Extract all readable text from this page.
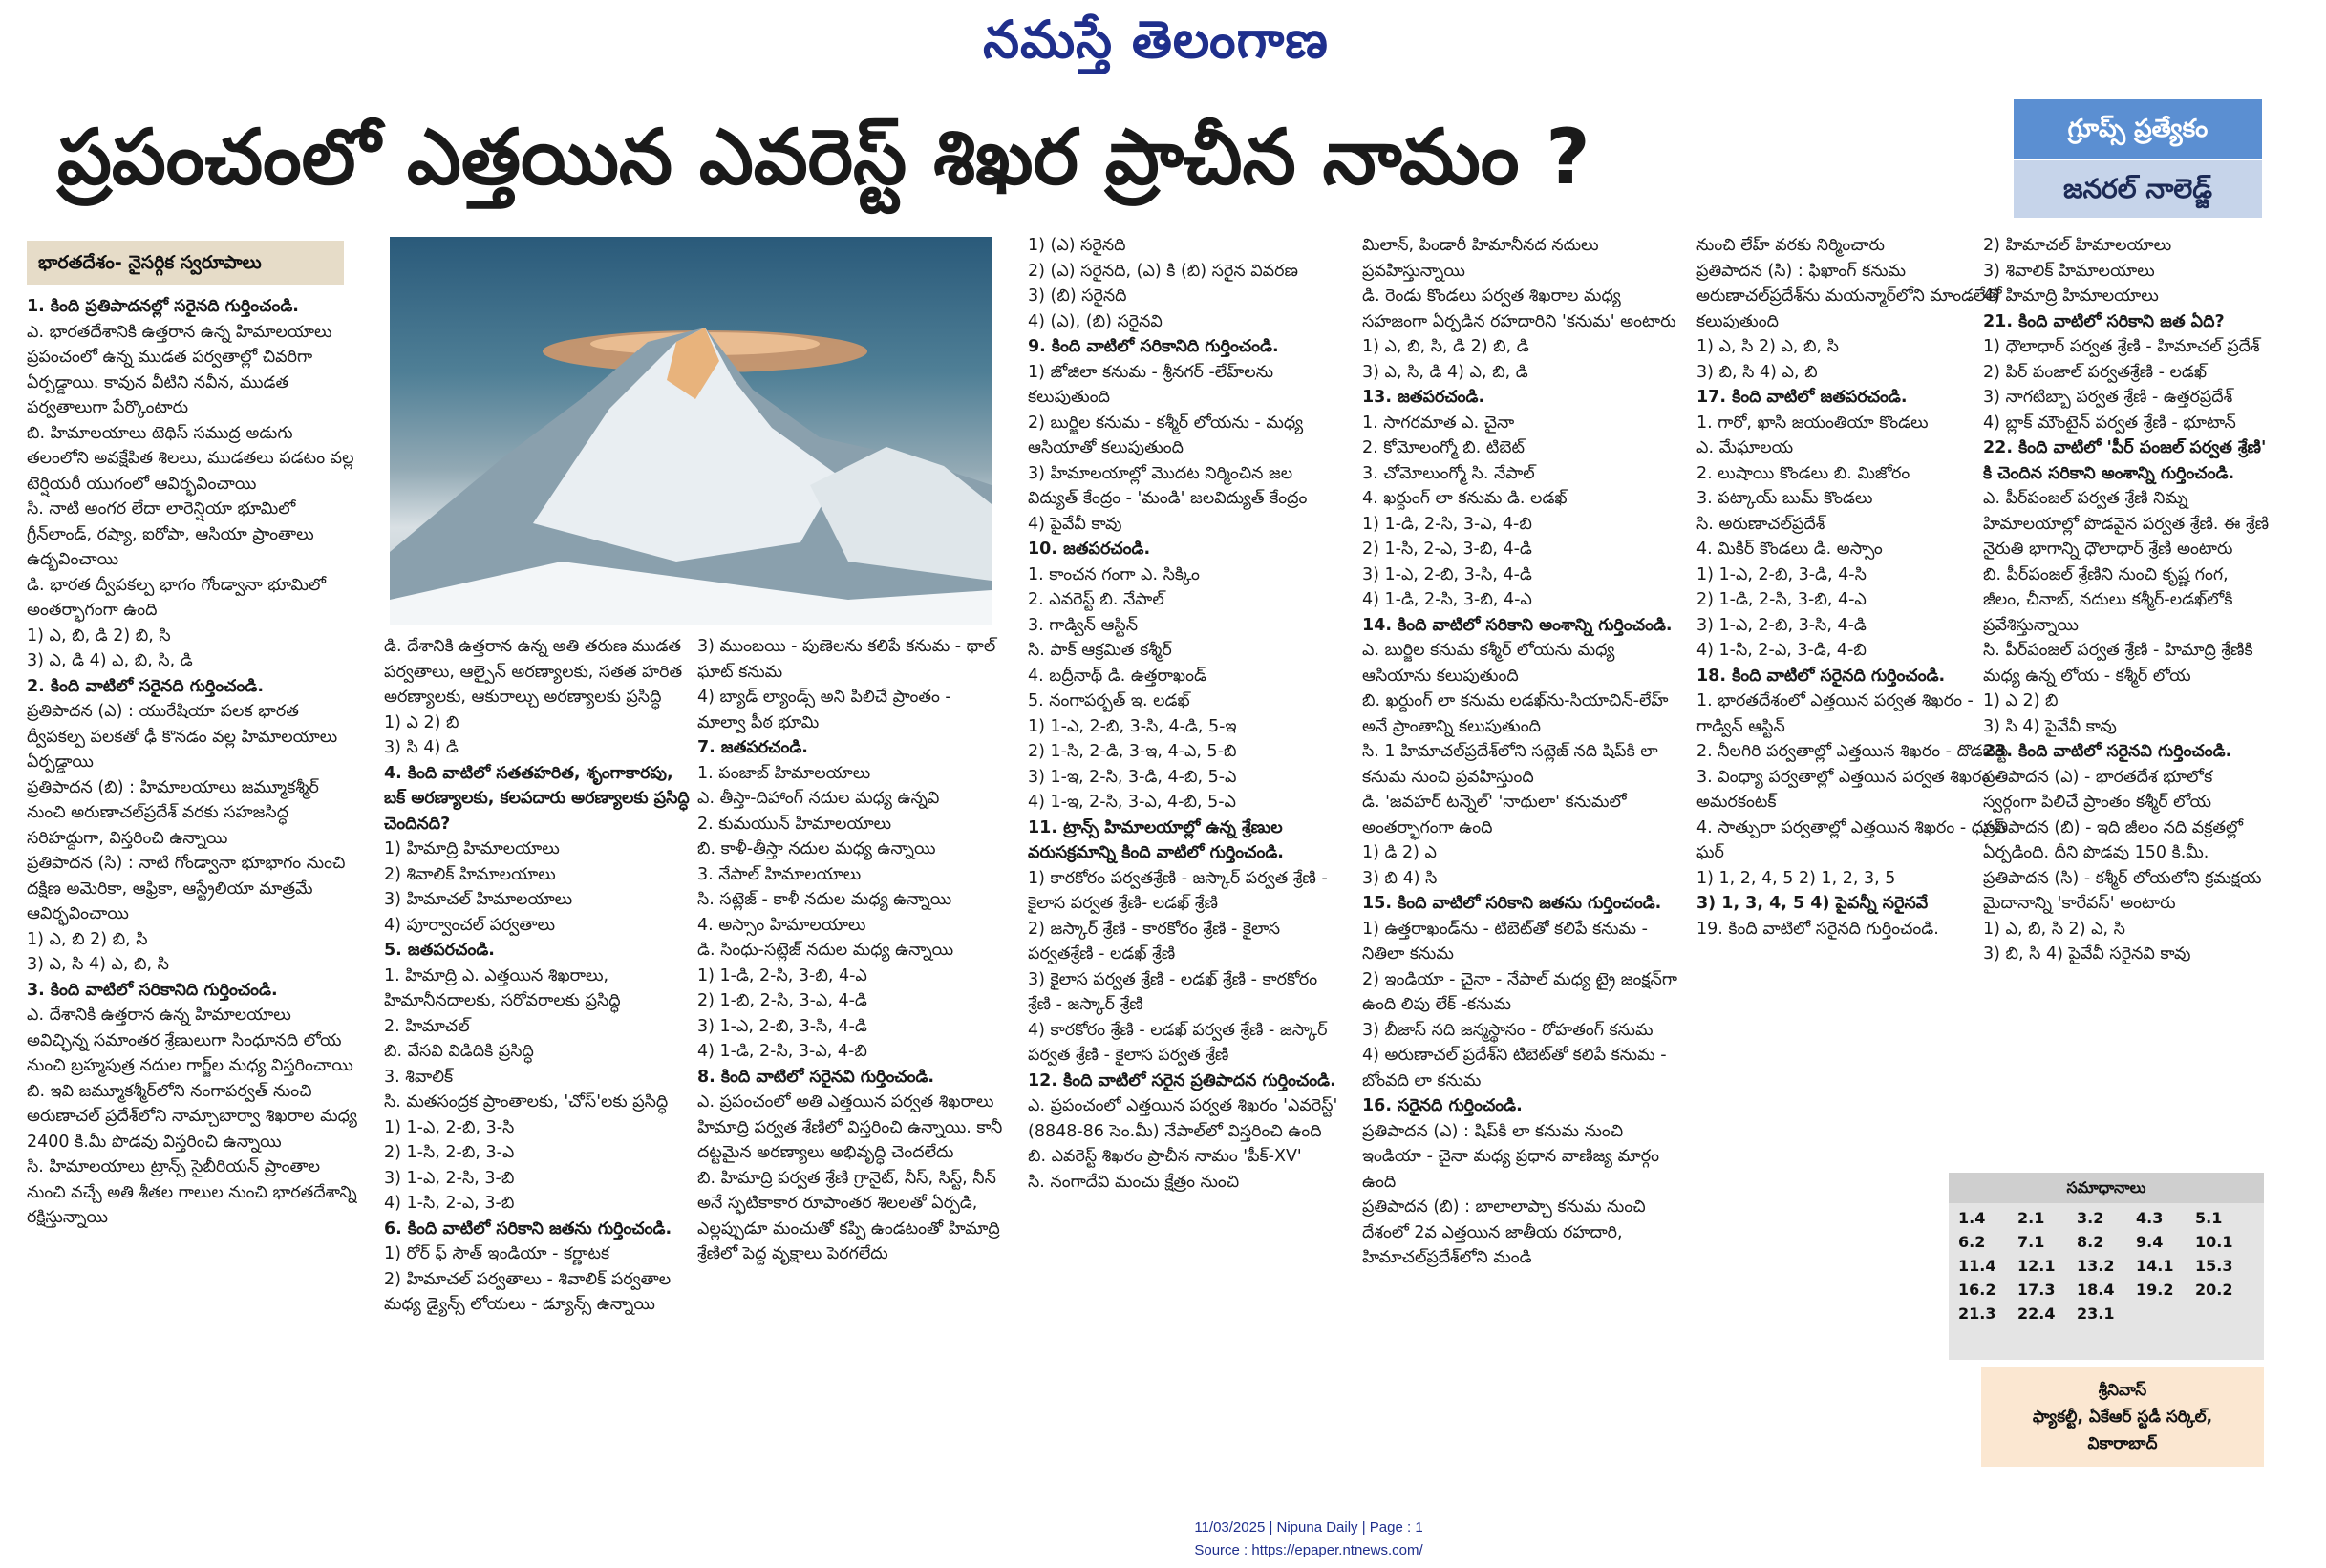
నమస్తే తెలంగాణ
ప్రపంచంలో ఎత్తయిన ఎవరెస్ట్ శిఖర ప్రాచీన నామం ?	గ్రూప్స్ ప్రత్యేకం
జనరల్ నాలెడ్జ్
భారతదేశం- నైసర్గిక స్వరూపాలు

1. కింది ప్రతిపాదనల్లో సరైనది గుర్తించండి.

ఎ. భారతదేశానికి ఉత్తరాన ఉన్న హిమాలయాలు ప్రపంచంలో ఉన్న ముడత పర్వతాల్లో చివరిగా ఏర్పడ్డాయి. కావున వీటిని నవీన, ముడత పర్వతాలుగా పేర్కొంటారు

బి. హిమాలయాలు టెథిస్ సముద్ర అడుగు తలంలోని అవక్షేపిత శిలలు, ముడతలు పడటం వల్ల టెర్షియరీ యుగంలో ఆవిర్భవించాయి

సి. నాటి అంగర లేదా లారెన్షియా భూమిలో గ్రీన్‌లాండ్, రష్యా, ఐరోపా, ఆసియా ప్రాంతాలు ఉద్భవించాయి

డి. భారత ద్వీపకల్ప భాగం గోండ్వానా భూమిలో అంతర్భాగంగా ఉంది

1) ఎ, బి, డి 2) బి, సి

3) ఎ, డి 4) ఎ, బి, సి, డి

2. కింది వాటిలో సరైనది గుర్తించండి.

ప్రతిపాదన (ఎ) : యురేషియా పలక భారత ద్వీపకల్ప పలకతో ఢీ కొనడం వల్ల హిమాలయాలు ఏర్పడ్డాయి

ప్రతిపాదన (బి) : హిమాలయాలు జమ్మూకశ్మీర్ నుంచి అరుణాచల్‌ప్రదేశ్ వరకు సహజసిద్ధ సరిహద్దుగా, విస్తరించి ఉన్నాయి

ప్రతిపాదన (సి) : నాటి గోండ్వానా భూభాగం నుంచి దక్షిణ అమెరికా, ఆఫ్రికా, ఆస్ట్రేలియా మాత్రమే ఆవిర్భవించాయి

1) ఎ, బి 2) బి, సి

3) ఎ, సి 4) ఎ, బి, సి

3. కింది వాటిలో సరికానిది గుర్తించండి.

ఎ. దేశానికి ఉత్తరాన ఉన్న హిమాలయాలు అవిచ్ఛిన్న సమాంతర శ్రేణులుగా సింధూనది లోయ నుంచి బ్రహ్మపుత్ర నదుల గార్జ్‌ల మధ్య విస్తరించాయి

బి. ఇవి జమ్మూకశ్మీర్‌లోని నంగాపర్వత్ నుంచి అరుణాచల్ ప్రదేశ్‌లోని నామ్చాబార్వా శిఖరాల మధ్య 2400 కి.మీ పొడవు విస్తరించి ఉన్నాయి

సి. హిమాలయాలు ట్రాన్స్ సైబీరియన్ ప్రాంతాల నుంచి వచ్చే అతి శీతల గాలుల నుంచి భారతదేశాన్ని రక్షిస్తున్నాయి

డి. దేశానికి ఉత్తరాన ఉన్న అతి తరుణ ముడత పర్వతాలు, ఆల్పైన్ అరణ్యాలకు, సతత హరిత అరణ్యాలకు, ఆకురాల్చు అరణ్యాలకు ప్రసిద్ధి

1) ఎ 2) బి

3) సి 4) డి

4. కింది వాటిలో సతతహరిత, శృంగాకారపు, బక్ అరణ్యాలకు, కలపదారు అరణ్యాలకు ప్రసిద్ధి చెందినది?

1) హిమాద్రి హిమాలయాలు

2) శివాలిక్ హిమాలయాలు

3) హిమాచల్ హిమాలయాలు

4) పూర్వాంచల్ పర్వతాలు

5. జతపరచండి.

1. హిమాద్రి ఎ. ఎత్తయిన శిఖరాలు, హిమానీనదాలకు, సరోవరాలకు ప్రసిద్ధి

2. హిమాచల్

బి. వేసవి విడిదికి ప్రసిద్ధి

3. శివాలిక్

సి. మతసంద్రక ప్రాంతాలకు, 'చోస్'లకు ప్రసిద్ధి

1) 1-ఎ, 2-బి, 3-సి

2) 1-సి, 2-బి, 3-ఎ

3) 1-ఎ, 2-సి, 3-బి

4) 1-సి, 2-ఎ, 3-బి

6. కింది వాటిలో సరికాని జతను గుర్తించండి.

1) రోర్ ఫ్ సౌత్ ఇండియా - కర్ణాటక

2) హిమాచల్ పర్వతాలు - శివాలిక్ పర్వతాల మధ్య డ్యైన్స్ లోయలు - డ్యూన్స్ ఉన్నాయి

3) ముంబయి - పుణెలను కలిపే కనుమ - థాల్ ఘాట్ కనుమ

4) బ్యాడ్ ల్యాండ్స్ అని పిలిచే ప్రాంతం - మాల్వా పీఠ భూమి

7. జతపరచండి.

1. పంజాబ్ హిమాలయాలు

ఎ. తీస్తా-దిహాంగ్ నదుల మధ్య ఉన్నవి

2. కుమయున్ హిమాలయాలు

బి. కాళీ-తీస్తా నదుల మధ్య ఉన్నాయి

3. నేపాల్ హిమాలయాలు

సి. సట్లెజ్ - కాళీ నదుల మధ్య ఉన్నాయి

4. అస్సాం హిమాలయాలు

డి. సింధు-సట్లెజ్ నదుల మధ్య ఉన్నాయి

1) 1-డి, 2-సి, 3-బి, 4-ఎ

2) 1-బి, 2-సి, 3-ఎ, 4-డి

3) 1-ఎ, 2-బి, 3-సి, 4-డి

4) 1-డి, 2-సి, 3-ఎ, 4-బి

8. కింది వాటిలో సరైనవి గుర్తించండి.

ఎ. ప్రపంచంలో అతి ఎత్తయిన పర్వత శిఖరాలు హిమాద్రి పర్వత శేణిలో విస్తరించి ఉన్నాయి. కానీ దట్టమైన అరణ్యాలు అభివృద్ధి చెందలేదు

బి. హిమాద్రి పర్వత శ్రేణి గ్రానైట్, నీస్, సిస్ట్, నీన్ అనే స్ఫటికాకార రూపాంతర శిలలతో ఏర్పడి, ఎల్లప్పుడూ మంచుతో కప్పి ఉండటంతో హిమాద్రి శ్రేణిలో పెద్ద వృక్షాలు పెరగలేదు

1) (ఎ) సరైనది

2) (ఎ) సరైనది, (ఎ) కి (బి) సరైన వివరణ

3) (బి) సరైనది

4) (ఎ), (బి) సరైనవి

9. కింది వాటిలో సరికానిది గుర్తించండి.

1) జోజిలా కనుమ - శ్రీనగర్ -లేహ్‌లను కలుపుతుంది

2) బుర్జిల కనుమ - కశ్మీర్ లోయను - మధ్య ఆసియాతో కలుపుతుంది

3) హిమాలయాల్లో మొదట నిర్మించిన జల విద్యుత్ కేంద్రం - 'మండి' జలవిద్యుత్ కేంద్రం

4) పైవేవీ కావు

10. జతపరచండి.

1. కాంచన గంగా ఎ. సిక్కిం

2. ఎవరెస్ట్ బి. నేపాల్

3. గాడ్విన్ ఆస్టిన్

సి. పాక్ ఆక్రమిత కశ్మీర్

4. బద్రీనాథ్ డి. ఉత్తరాఖండ్

5. నంగాపర్బత్ ఇ. లడఖ్

1) 1-ఎ, 2-బి, 3-సి, 4-డి, 5-ఇ

2) 1-సి, 2-డి, 3-ఇ, 4-ఎ, 5-బి

3) 1-ఇ, 2-సి, 3-డి, 4-బి, 5-ఎ

4) 1-ఇ, 2-సి, 3-ఎ, 4-బి, 5-ఎ

11. ట్రాన్స్ హిమాలయాల్లో ఉన్న శ్రేణుల వరుసక్రమాన్ని కింది వాటిలో గుర్తించండి.

1) కారకోరం పర్వతశ్రేణి - జస్కార్ పర్వత శ్రేణి - కైలాస పర్వత శ్రేణి- లడఖ్ శ్రేణి

2) జస్కార్ శ్రేణి - కారకోరం శ్రేణి - కైలాస పర్వతశ్రేణి - లడఖ్ శ్రేణి

3) కైలాస పర్వత శ్రేణి - లడఖ్ శ్రేణి - కారకోరం శ్రేణి - జస్కార్ శ్రేణి

4) కారకోరం శ్రేణి - లడఖ్ పర్వత శ్రేణి - జస్కార్ పర్వత శ్రేణి - కైలాస పర్వత శ్రేణి

12. కింది వాటిలో సరైన ప్రతిపాదన గుర్తించండి.

ఎ. ప్రపంచంలో ఎత్తయిన పర్వత శిఖరం 'ఎవరెస్ట్' (8848-86 సెం.మీ) నేపాల్‌లో విస్తరించి ఉంది

బి. ఎవరెస్ట్ శిఖరం ప్రాచీన నామం 'పీక్-XV'

సి. నంగాదేవి మంచు క్షేత్రం నుంచి

మిలాన్, పిండారీ హిమానీనద నదులు ప్రవహిస్తున్నాయి

డి. రెండు కొండలు పర్వత శిఖరాల మధ్య సహజంగా ఏర్పడిన రహదారిని 'కనుమ' అంటారు

1) ఎ, బి, సి, డి 2) బి, డి

3) ఎ, సి, డి 4) ఎ, బి, డి

13. జతపరచండి.

1. సాగరమాత ఎ. చైనా

2. కోమోలంగ్మో బి. టిబెట్

3. చోమోలుంగ్మో సి. నేపాల్

4. ఖర్దుంగ్ లా కనుమ డి. లడఖ్

1) 1-డి, 2-సి, 3-ఎ, 4-బి

2) 1-సి, 2-ఎ, 3-బి, 4-డి

3) 1-ఎ, 2-బి, 3-సి, 4-డి

4) 1-డి, 2-సి, 3-బి, 4-ఎ

14. కింది వాటిలో సరికాని అంశాన్ని గుర్తించండి.

ఎ. బుర్జిల కనుమ కశ్మీర్ లోయను మధ్య ఆసియాను కలుపుతుంది

బి. ఖర్దుంగ్ లా కనుమ లడఖ్‌ను-సియాచిన్-లేహ్ అనే ప్రాంతాన్ని కలుపుతుంది

సి. 1 హిమాచల్‌ప్రదేశ్‌లోని సట్లెజ్ నది షిప్‌కి లా కనుమ నుంచి ప్రవహిస్తుంది

డి. 'జవహర్ టన్నెల్' 'నాథులా' కనుమలో అంతర్భాగంగా ఉంది

1) డి 2) ఎ

3) బి 4) సి

15. కింది వాటిలో సరికాని జతను గుర్తించండి.

1) ఉత్తరాఖండ్‌ను - టిబెట్‌తో కలిపే కనుమ - నితిలా కనుమ

2) ఇండియా - చైనా - నేపాల్ మధ్య ట్రై జంక్షన్‌గా ఉంది లిపు లేక్ -కనుమ

3) బీజాస్ నది జన్మస్థానం - రోహతంగ్ కనుమ

4) అరుణాచల్ ప్రదేశ్‌ని టిబెట్‌తో కలిపే కనుమ - బోంవది లా కనుమ

16. సరైనది గుర్తించండి.

ప్రతిపాదన (ఎ) : షిప్‌కి లా కనుమ నుంచి ఇండియా - చైనా మధ్య ప్రధాన వాణిజ్య మార్గం ఉంది

ప్రతిపాదన (బి) : బాలాలాప్చా కనుమ నుంచి దేశంలో 2వ ఎత్తయిన జాతీయ రహదారి, హిమాచల్‌ప్రదేశ్‌లోని మండి

నుంచి లేహ్ వరకు నిర్మించారు

ప్రతిపాదన (సి) : ఫిఖాంగ్ కనుమ అరుణాచల్‌ప్రదేశ్‌ను మయన్మార్‌లోని మాండలేతో కలుపుతుంది

1) ఎ, సి 2) ఎ, బి, సి

3) బి, సి 4) ఎ, బి

17. కింది వాటిలో జతపరచండి.

1. గారో, ఖాసి జయంతియా కొండలు

ఎ. మేఘాలయ

2. లుషాయి కొండలు బి. మిజోరం

3. పట్కాయ్ బుమ్ కొండలు

సి. అరుణాచల్‌ప్రదేశ్

4. మికిర్ కొండలు డి. అస్సాం

1) 1-ఎ, 2-బి, 3-డి, 4-సి

2) 1-డి, 2-సి, 3-బి, 4-ఎ

3) 1-ఎ, 2-బి, 3-సి, 4-డి

4) 1-సి, 2-ఎ, 3-డి, 4-బి

18. కింది వాటిలో సరైనది గుర్తించండి.

1. భారతదేశంలో ఎత్తయిన పర్వత శిఖరం - గాడ్విన్ ఆస్టిన్

2. నీలగిరి పర్వతాల్లో ఎత్తయిన శిఖరం - దొడబెట్ట

3. వింధ్యా పర్వతాల్లో ఎత్తయిన పర్వత శిఖరం - అమరకంటక్

4. సాత్పురా పర్వతాల్లో ఎత్తయిన శిఖరం - ధూప్ ఘర్

1) 1, 2, 4, 5 2) 1, 2, 3, 5

3) 1, 3, 4, 5 4) పైవన్నీ సరైనవే

19. కింది వాటిలో సరైనది గుర్తించండి.

2) హిమాచల్ హిమాలయాలు

3) శివాలిక్ హిమాలయాలు

4) హిమాద్రి హిమాలయాలు

21. కింది వాటిలో సరికాని జత ఏది?

1) ధౌలాధార్ పర్వత శ్రేణి - హిమాచల్ ప్రదేశ్

2) పిర్ పంజాల్ పర్వతశ్రేణి - లడఖ్

3) నాగటిబ్బా పర్వత శ్రేణి - ఉత్తరప్రదేశ్

4) బ్లాక్ మౌంటైన్ పర్వత శ్రేణి - భూటాన్

22. కింది వాటిలో 'పీర్ పంజల్ పర్వత శ్రేణి' కి చెందిన సరికాని అంశాన్ని గుర్తించండి.

ఎ. పీర్‌పంజల్ పర్వత శ్రేణి నిమ్న హిమాలయాల్లో పొడవైన పర్వత శ్రేణి. ఈ శ్రేణి నైరుతి భాగాన్ని ధౌలాధార్ శ్రేణి అంటారు

బి. పీర్‌పంజల్ శ్రేణిని నుంచి కృష్ణ గంగ, జీలం, చీనాబ్, నదులు కశ్మీర్-లడఖ్‌లోకి ప్రవేశిస్తున్నాయి

సి. పీర్‌పంజల్ పర్వత శ్రేణి - హిమాద్రి శ్రేణికి మధ్య ఉన్న లోయ - కశ్మీర్ లోయ

1) ఎ 2) బి

3) సి 4) పైవేవీ కావు

23. కింది వాటిలో సరైనవి గుర్తించండి.

ప్రతిపాదన (ఎ) - భారతదేశ భూలోక స్వర్గంగా పిలిచే ప్రాంతం కశ్మీర్ లోయ

ప్రతిపాదన (బి) - ఇది జీలం నది వక్రతల్లో ఏర్పడింది. దీని పొడవు 150 కి.మీ.

ప్రతిపాదన (సి) - కశ్మీర్ లోయలోని క్రమక్షయ మైదానాన్ని 'కారేవస్' అంటారు

1) ఎ, బి, సి 2) ఎ, సి

3) బి, సి 4) పైవేవీ సరైనవి కావు

సమాధానాలు
1.4	2.1	3.2	4.3	5.1
6.2	7.1	8.2	9.4	10.1
11.4	12.1	13.2	14.1	15.3
16.2	17.3	18.4	19.2	20.2
21.3	22.4	23.1
శ్రీనివాస్
ఫ్యాకల్టీ, ఏకేఆర్ స్టడీ సర్కిల్,
వికారాబాద్
11/03/2025 | Nipuna Daily | Page : 1
Source : https://epaper.ntnews.com/
